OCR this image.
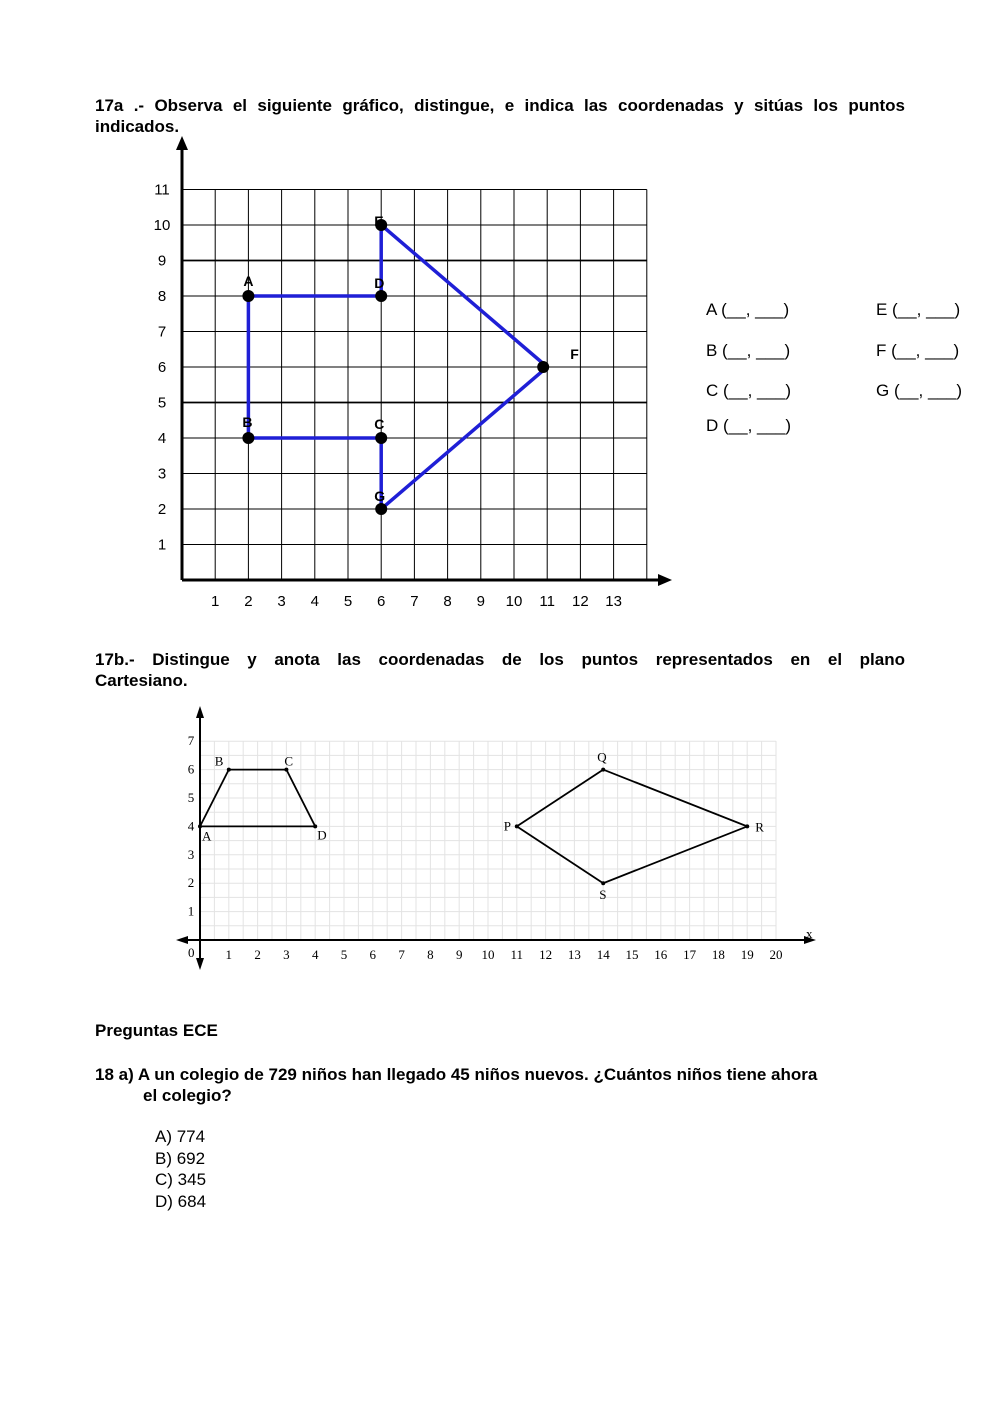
17a .- Observa el siguiente gráfico, distingue, e indica las coordenadas y sitúas los puntos indicados.
1 2 3 4 5 6 7 8 9 10 11 12 13
1
2
3
4
5
6
7
8
9
10
11
A	D
E
F
G
C
B
A (__, ___)
B (__, ___)
C (__, ___)
D (__, ___)
E (__, ___)
F (__, ___)
G (__, ___)
17b.- Distingue y anota las coordenadas de los puntos representados en el plano
Cartesiano.
x
0 1 2 3 4 5 6 7 8 9 10 11 12 13 14 15 16 17 18 19 20
1
2
3
4
5
6
7
A
B	C
D
P
Q
R
S
Preguntas ECE
18 a) A un colegio de 729 niños han llegado 45 niños nuevos. ¿Cuántos niños tiene ahora
el colegio?
A) 774
B) 692
C) 345
D) 684
